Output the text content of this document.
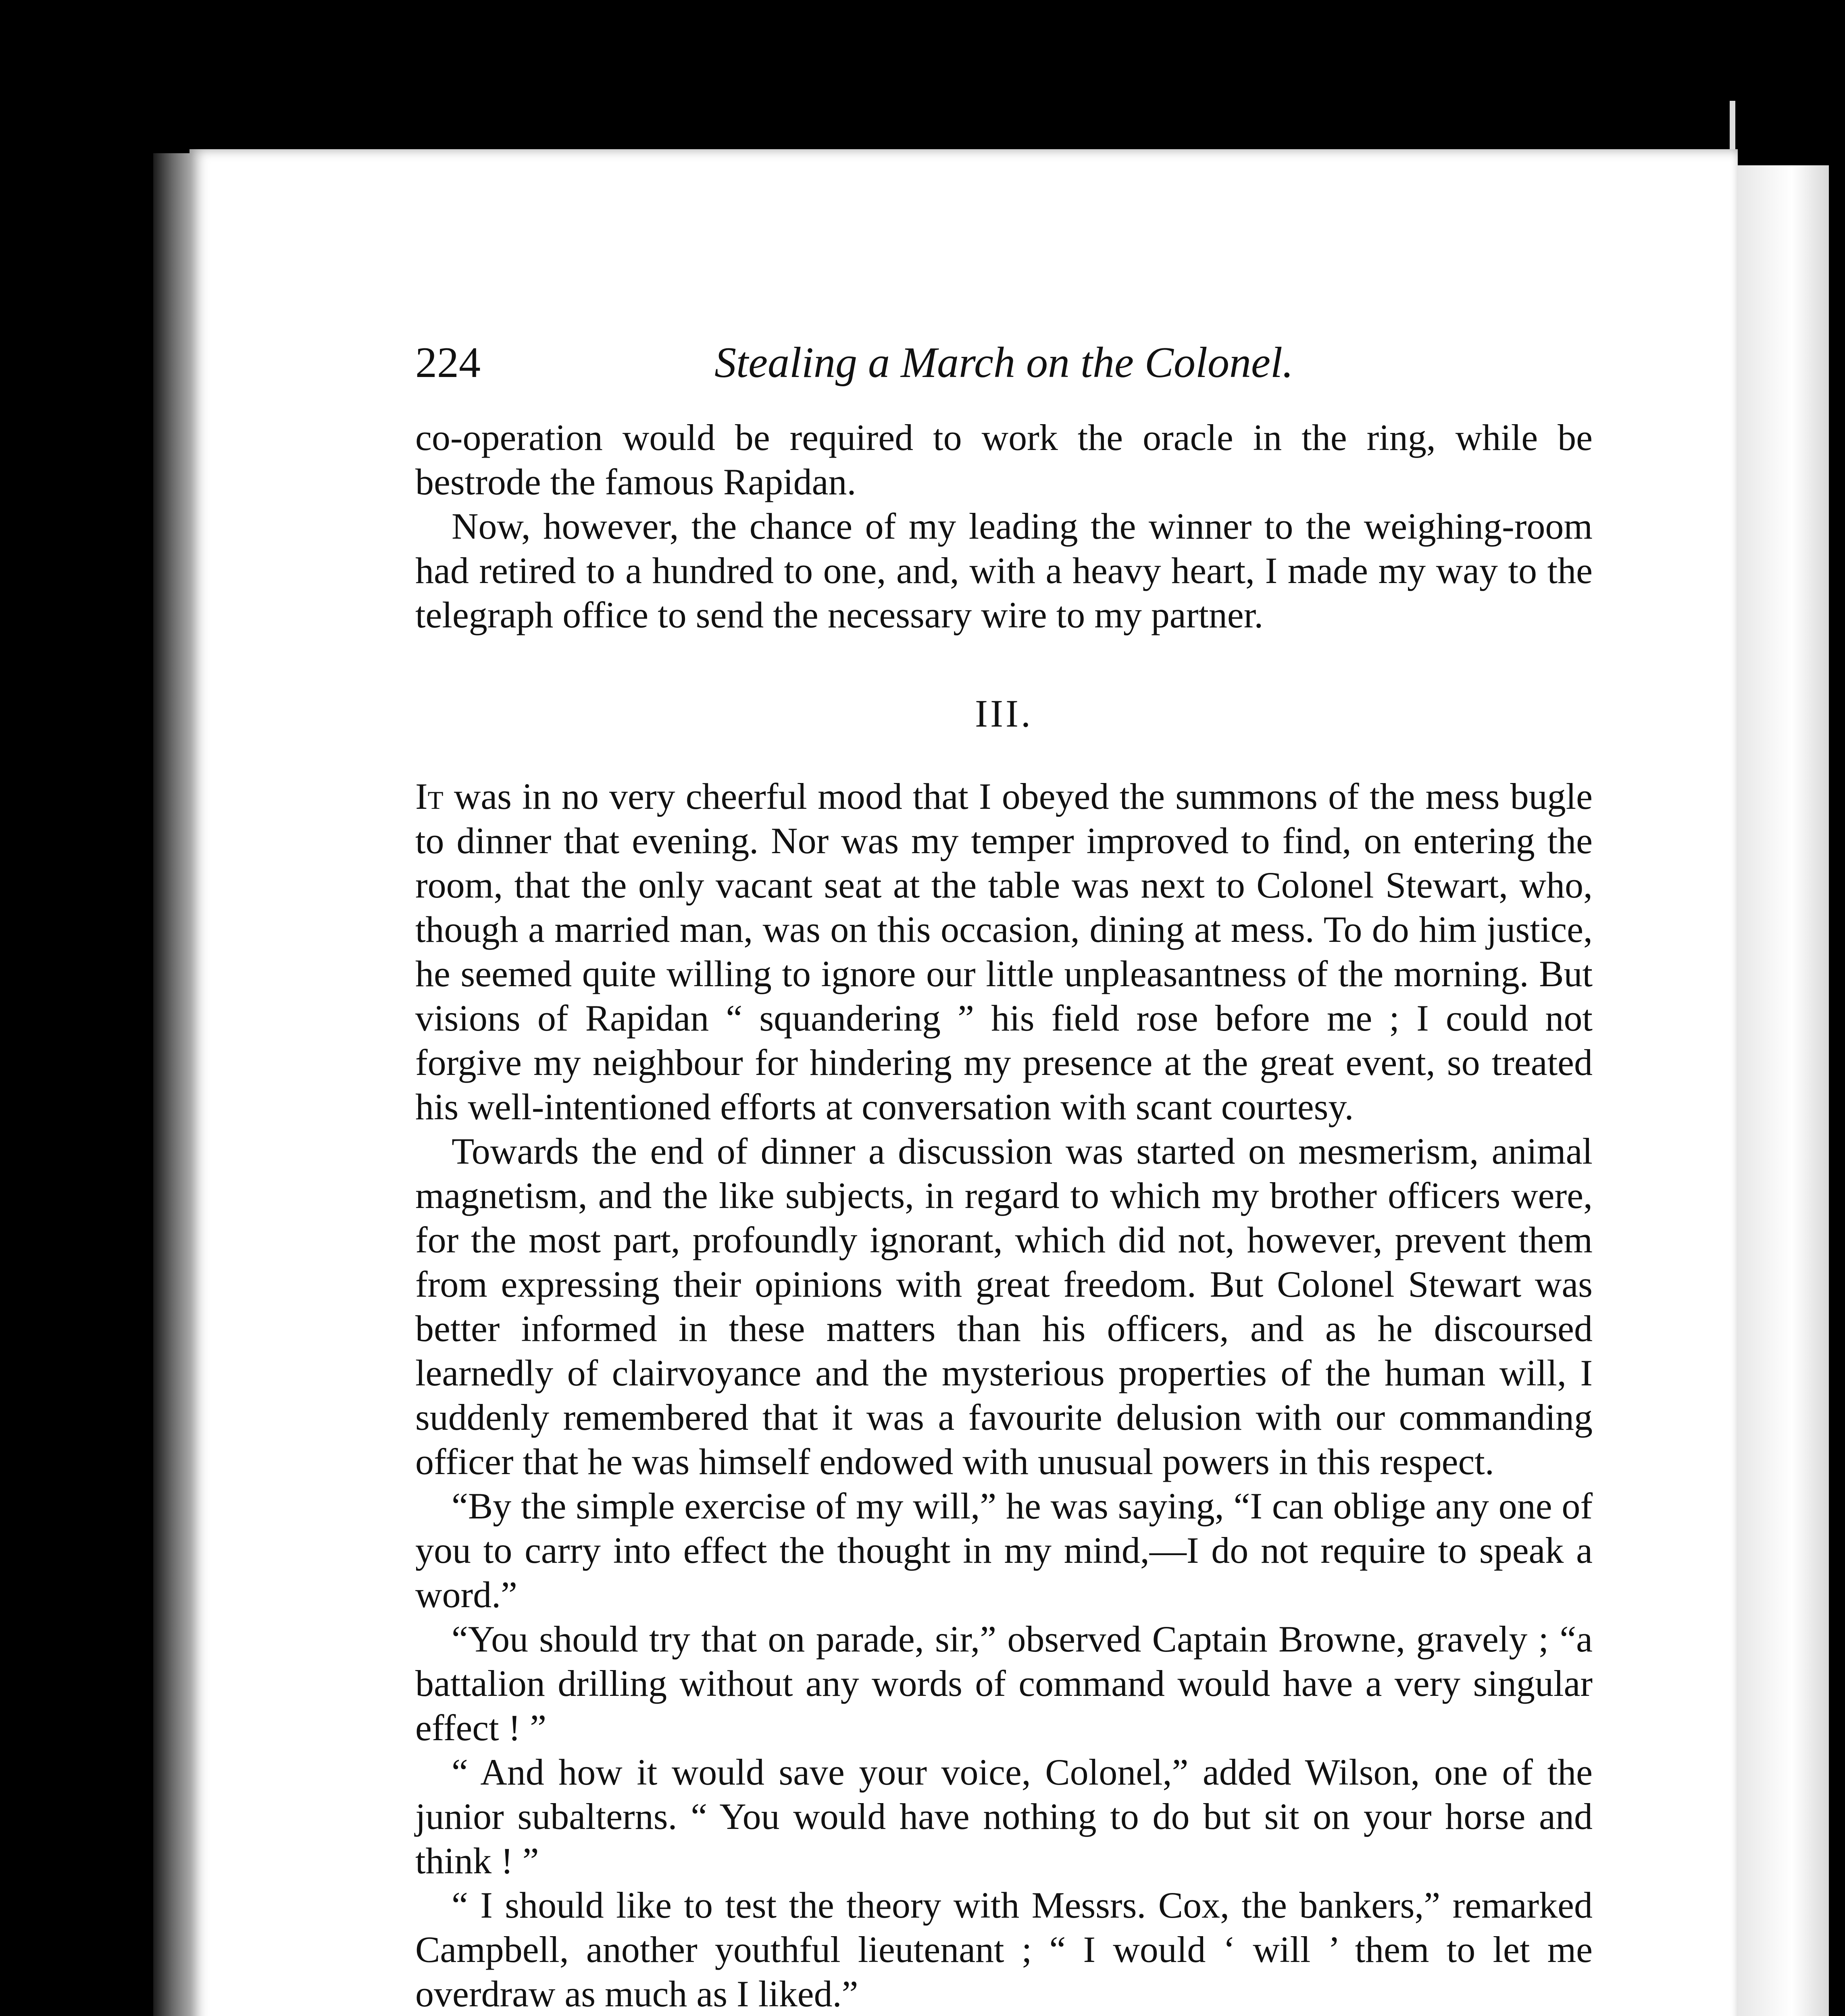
224	Stealing a March on the Colonel.

co-operation would be required to work the oracle in the ring, while be bestrode the famous Rapidan.

Now, however, the chance of my leading the winner to the weighing-room had retired to a hundred to one, and, with a heavy heart, I made my way to the telegraph office to send the necessary wire to my partner.

III.

It was in no very cheerful mood that I obeyed the summons of the mess bugle to dinner that evening. Nor was my temper improved to find, on entering the room, that the only vacant seat at the table was next to Colonel Stewart, who, though a married man, was on this occasion, dining at mess. To do him justice, he seemed quite willing to ignore our little unpleasantness of the morning. But visions of Rapidan “ squandering ” his field rose before me ; I could not forgive my neighbour for hindering my presence at the great event, so treated his well-intentioned efforts at conversation with scant courtesy.

Towards the end of dinner a discussion was started on mesmerism, animal magnetism, and the like subjects, in regard to which my brother officers were, for the most part, profoundly ignorant, which did not, however, prevent them from expressing their opinions with great freedom. But Colonel Stewart was better informed in these matters than his officers, and as he discoursed learnedly of clairvoyance and the mysterious properties of the human will, I suddenly remembered that it was a favourite delusion with our commanding officer that he was himself endowed with unusual powers in this respect.

“By the simple exercise of my will,” he was saying, “I can oblige any one of you to carry into effect the thought in my mind,—I do not require to speak a word.”

“You should try that on parade, sir,” observed Captain Browne, gravely ; “a battalion drilling without any words of command would have a very singular effect ! ”

“ And how it would save your voice, Colonel,” added Wilson, one of the junior subalterns. “ You would have nothing to do but sit on your horse and think ! ”

“ I should like to test the theory with Messrs. Cox, the bankers,” remarked Campbell, another youthful lieutenant ; “ I would ‘ will ’ them to let me overdraw as much as I liked.”
